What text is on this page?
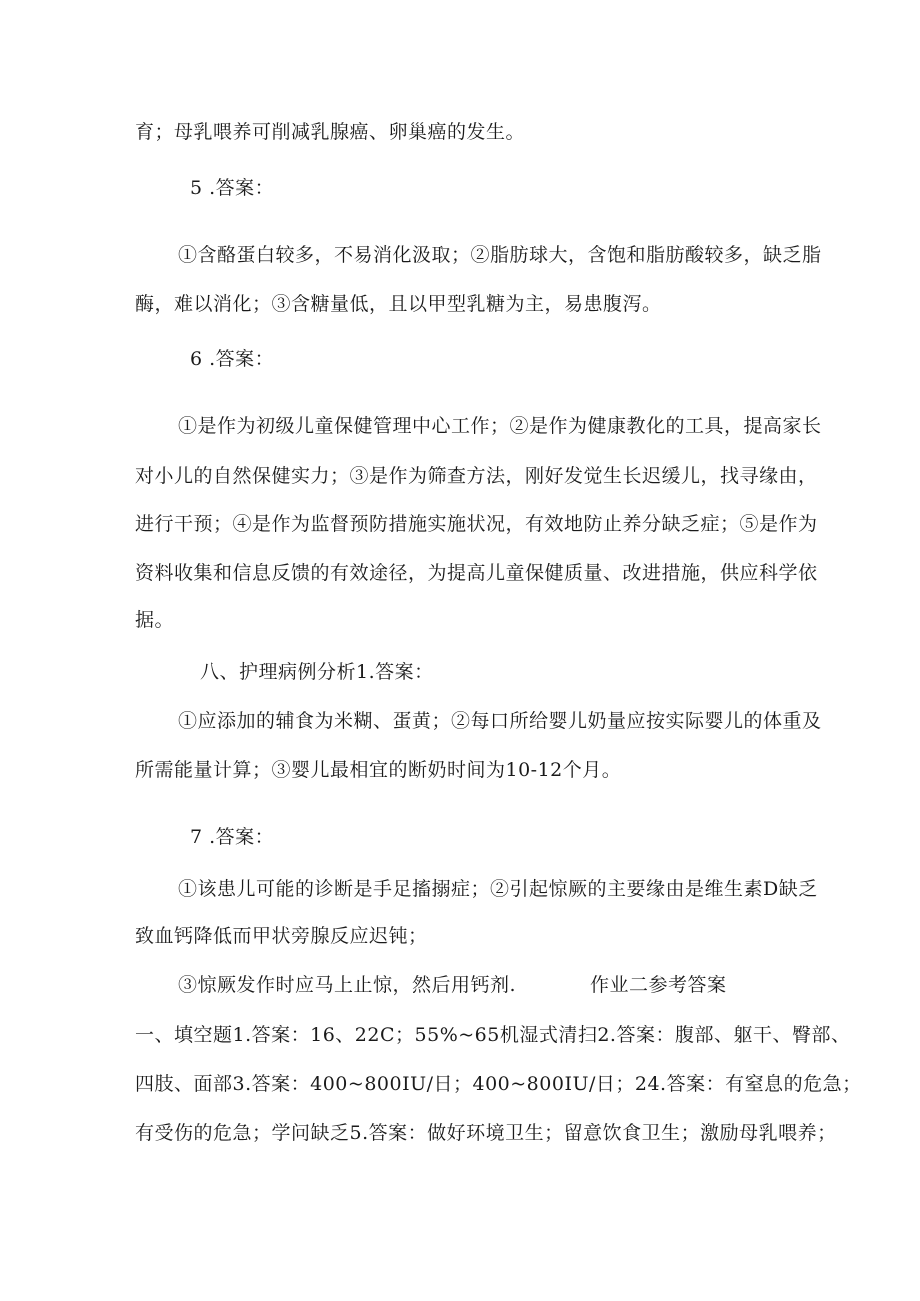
育；母乳喂养可削减乳腺癌、卵巢癌的发生。
5 .答案：
①含酪蛋白较多，不易消化汲取；②脂肪球大，含饱和脂肪酸较多，缺乏脂
酶，难以消化；③含糖量低，且以甲型乳糖为主，易患腹泻。
6 .答案：
①是作为初级儿童保健管理中心工作；②是作为健康教化的工具，提高家长
对小儿的自然保健实力；③是作为筛查方法，刚好发觉生长迟缓儿，找寻缘由，
进行干预；④是作为监督预防措施实施状况，有效地防止养分缺乏症；⑤是作为
资料收集和信息反馈的有效途径，为提高儿童保健质量、改进措施，供应科学依
据。
八、护理病例分析1.答案：
①应添加的辅食为米糊、蛋黄；②每口所给婴儿奶量应按实际婴儿的体重及
所需能量计算；③婴儿最相宜的断奶时间为10-12个月。
7 .答案：
①该患儿可能的诊断是手足搐搦症；②引起惊厥的主要缘由是维生素D缺乏
致血钙降低而甲状旁腺反应迟钝；
③惊厥发作时应马上止惊，然后用钙剂.	作业二参考答案
一、填空题1.答案：16、22C；55%~65机湿式清扫2.答案：腹部、躯干、臀部、
四肢、面部3.答案：400~800IU/日；400~800IU/日；24.答案：有窒息的危急；
有受伤的危急；学问缺乏5.答案：做好环境卫生；留意饮食卫生；激励母乳喂养；
